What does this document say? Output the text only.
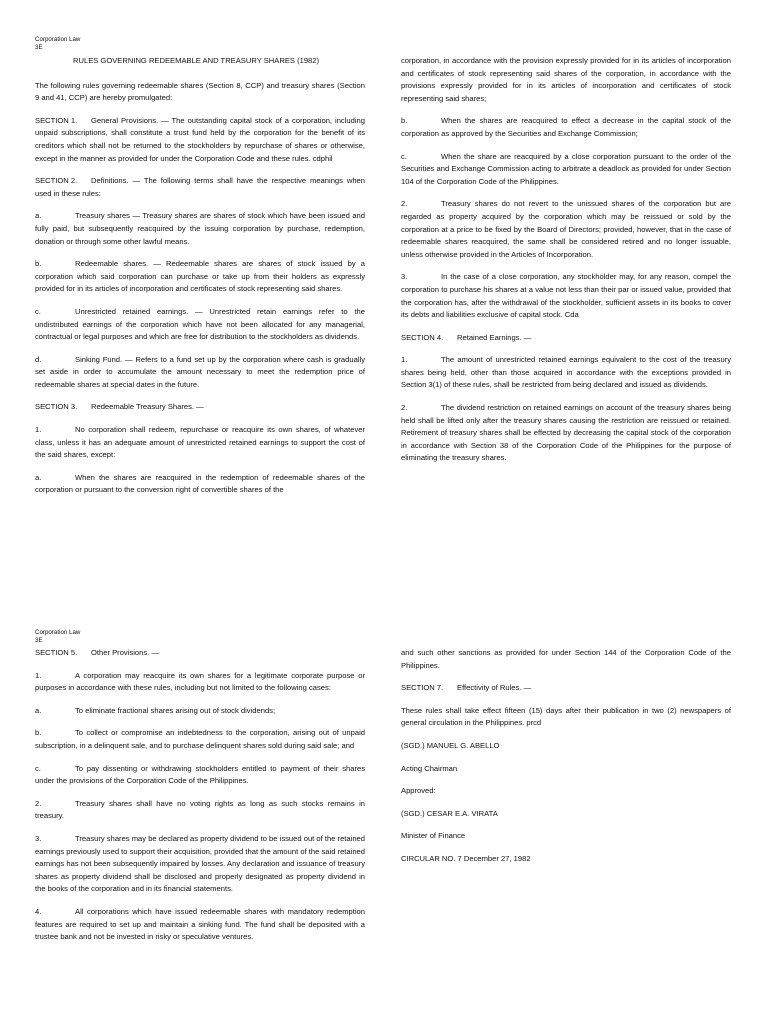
Corporation Law
3E

RULES GOVERNING REDEEMABLE AND TREASURY SHARES (1982)

The following rules governing redeemable shares (Section 8, CCP) and treasury shares (Section 9 and 41, CCP) are hereby promulgated:

SECTION 1. General Provisions. — The outstanding capital stock of a corporation, including unpaid subscriptions, shall constitute a trust fund held by the corporation for the benefit of its creditors which shall not be returned to the stockholders by repurchase of shares or otherwise, except in the manner as provided for under the Corporation Code and these rules. cdphil

SECTION 2. Definitions. — The following terms shall have the respective meanings when used in these rules:

a.	Treasury shares — Treasury shares are shares of stock which have been issued and fully paid, but subsequently reacquired by the issuing corporation by purchase, redemption, donation or through some other lawful means.

b.	Redeemable shares. — Redeemable shares are shares of stock issued by a corporation which said corporation can purchase or take up from their holders as expressly provided for in its articles of incorporation and certificates of stock representing said shares.

c.	Unrestricted retained earnings. — Unrestricted retain earnings refer to the undistributed earnings of the corporation which have not been allocated for any managerial, contractual or legal purposes and which are free for distribution to the stockholders as dividends.

d.	Sinking Fund. — Refers to a fund set up by the corporation where cash is gradually set aside in order to accumulate the amount necessary to meet the redemption price of redeemable shares at special dates in the future.

SECTION 3. Redeemable Treasury Shares. —

1.	No corporation shall redeem, repurchase or reacquire its own shares, of whatever class, unless it has an adequate amount of unrestricted retained earnings to support the cost of the said shares, except:

a.	When the shares are reacquired in the redemption of redeemable shares of the corporation or pursuant to the conversion right of convertible shares of the

corporation, in accordance with the provision expressly provided for in its articles of incorporation and certificates of stock representing said shares of the corporation, in accordance with the provisions expressly provided for in its articles of incorporation and certificates of stock representing said shares;

b.	When the shares are reacquired to effect a decrease in the capital stock of the corporation as approved by the Securities and Exchange Commission;

c.	When the share are reacquired by a close corporation pursuant to the order of the Securities and Exchange Commission acting to arbitrate a deadlock as provided for under Section 104 of the Corporation Code of the Philippines.

2.	Treasury shares do not revert to the unissued shares of the corporation but are regarded as property acquired by the corporation which may be reissued or sold by the corporation at a price to be fixed by the Board of Directors; provided, however, that in the case of redeemable shares reacquired, the same shall be considered retired and no longer issuable, unless otherwise provided in the Articles of Incorporation.

3.	In the case of a close corporation, any stockholder may, for any reason, compel the corporation to purchase his shares at a value not less than their par or issued value, provided that the corporation has, after the withdrawal of the stockholder, sufficient assets in its books to cover its debts and liabilities exclusive of capital stock. Cda

SECTION 4. Retained Earnings. —

1.	The amount of unrestricted retained earnings equivalent to the cost of the treasury shares being held, other than those acquired in accordance with the exceptions provided in Section 3(1) of these rules, shall be restricted from being declared and issued as dividends.

2.	The dividend restriction on retained earnings on account of the treasury shares being held shall be lifted only after the treasury shares causing the restriction are reissued or retained. Retirement of treasury shares shall be effected by decreasing the capital stock of the corporation in accordance with Section 38 of the Corporation Code of the Philippines for the purpose of eliminating the treasury shares.

Corporation Law
3E

SECTION 5. Other Provisions. —

1.	A corporation may reacquire its own shares for a legitimate corporate purpose or purposes in accordance with these rules, including but not limited to the following cases:

a.	To eliminate fractional shares arising out of stock dividends;

b.	To collect or compromise an indebtedness to the corporation, arising out of unpaid subscription, in a delinquent sale, and to purchase delinquent shares sold during said sale; and

c.	To pay dissenting or withdrawing stockholders entitled to payment of their shares under the provisions of the Corporation Code of the Philippines.

2.	Treasury shares shall have no voting rights as long as such stocks remains in treasury.

3.	Treasury shares may be declared as property dividend to be issued out of the retained earnings previously used to support their acquisition, provided that the amount of the said retained earnings has not been subsequently impaired by losses. Any declaration and issuance of treasury shares as property dividend shall be disclosed and properly designated as property dividend in the books of the corporation and in its financial statements.

4.	All corporations which have issued redeemable shares with mandatory redemption features are required to set up and maintain a sinking fund. The fund shall be deposited with a trustee bank and not be invested in risky or speculative ventures.

and such other sanctions as provided for under Section 144 of the Corporation Code of the Philippines.

SECTION 7. Effectivity of Rules. —

These rules shall take effect fifteen (15) days after their publication in two (2) newspapers of general circulation in the Philippines. prcd

(SGD.) MANUEL G. ABELLO

Acting Chairman

Approved:

(SGD.) CESAR E.A. VIRATA

Minister of Finance

CIRCULAR NO. 7 December 27, 1982
